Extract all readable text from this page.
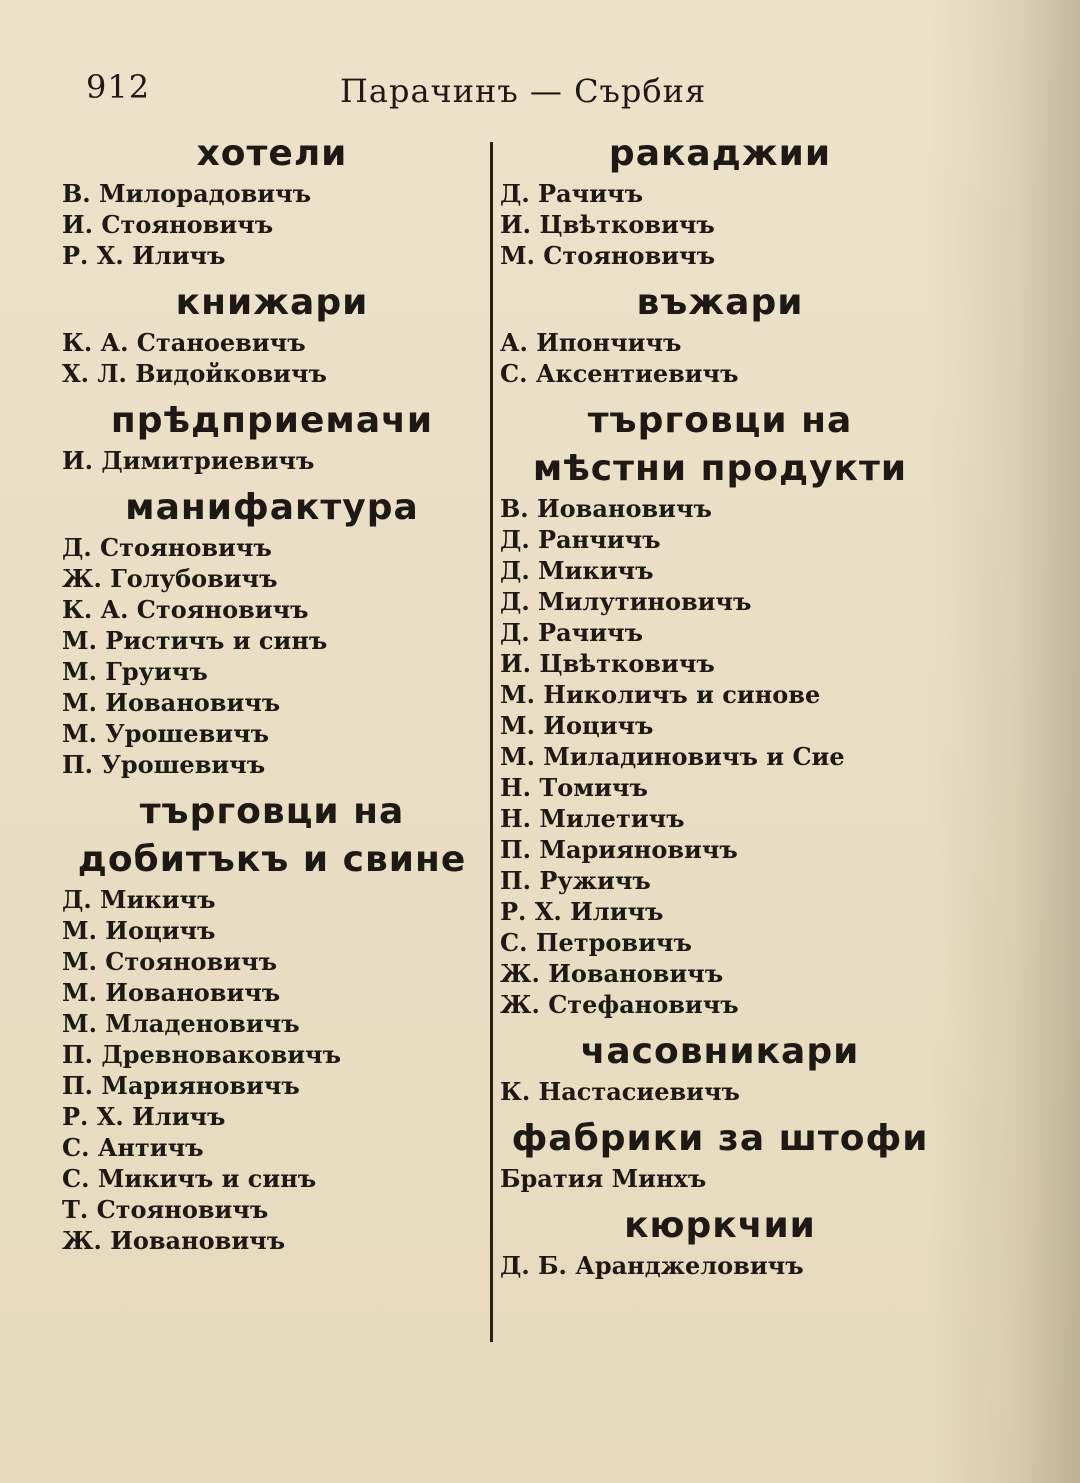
912	Парачинъ — Сърбия
хотели
В. Милорадовичъ
И. Стояновичъ
Р. Х. Иличъ
книжари
К. А. Станоевичъ
Х. Л. Видойковичъ
прѣдприемачи
И. Димитриевичъ
манифактура
Д. Стояновичъ
Ж. Голубовичъ
К. А. Стояновичъ
М. Ристичъ и синъ
М. Груичъ
М. Иовановичъ
М. Урошевичъ
П. Урошевичъ
търговци на добитъкъ и свине
Д. Микичъ
М. Иоцичъ
М. Стояновичъ
М. Иовановичъ
М. Младеновичъ
П. Древноваковичъ
П. Марияновичъ
Р. Х. Иличъ
С. Античъ
С. Микичъ и синъ
Т. Стояновичъ
Ж. Иовановичъ
ракаджии
Д. Рачичъ
И. Цвѣтковичъ
М. Стояновичъ
въжари
А. Ипончичъ
С. Аксентиевичъ
търговци на мѣстни продукти
В. Иовановичъ
Д. Ранчичъ
Д. Микичъ
Д. Милутиновичъ
Д. Рачичъ
И. Цвѣтковичъ
М. Николичъ и синове
М. Иоцичъ
М. Миладиновичъ и Сие
Н. Томичъ
Н. Милетичъ
П. Марияновичъ
П. Ружичъ
Р. Х. Иличъ
С. Петровичъ
Ж. Иовановичъ
Ж. Стефановичъ
часовникари
К. Настасиевичъ
фабрики за штофи
Братия Минхъ
кюркчии
Д. Б. Аранджеловичъ
